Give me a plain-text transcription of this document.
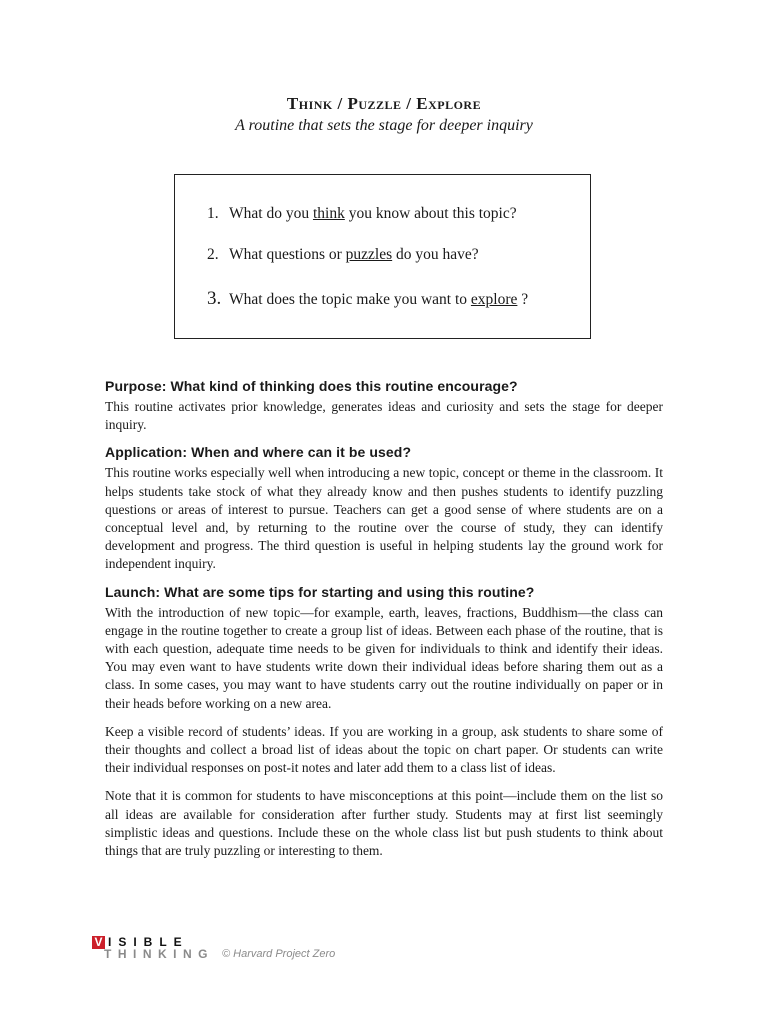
Think / Puzzle / Explore

A routine that sets the stage for deeper inquiry

1. What do you think you know about this topic?
2. What questions or puzzles do you have?
3. What does the topic make you want to explore ?
Purpose: What kind of thinking does this routine encourage?

This routine activates prior knowledge, generates ideas and curiosity and sets the stage for deeper inquiry.

Application: When and where can it be used?

This routine works especially well when introducing a new topic, concept or theme in the classroom. It helps students take stock of what they already know and then pushes students to identify puzzling questions or areas of interest to pursue. Teachers can get a good sense of where students are on a conceptual level and, by returning to the routine over the course of study, they can identify development and progress. The third question is useful in helping students lay the ground work for independent inquiry.

Launch: What are some tips for starting and using this routine?

With the introduction of new topic—for example, earth, leaves, fractions, Buddhism—the class can engage in the routine together to create a group list of ideas. Between each phase of the routine, that is with each question, adequate time needs to be given for individuals to think and identify their ideas. You may even want to have students write down their individual ideas before sharing them out as a class. In some cases, you may want to have students carry out the routine individually on paper or in their heads before working on a new area.

Keep a visible record of students’ ideas. If you are working in a group, ask students to share some of their thoughts and collect a broad list of ideas about the topic on chart paper. Or students can write their individual responses on post-it notes and later add them to a class list of ideas.

Note that it is common for students to have misconceptions at this point—include them on the list so all ideas are available for consideration after further study. Students may at first list seemingly simplistic ideas and questions. Include these on the whole class list but push students to think about things that are truly puzzling or interesting to them.

V ISIBLE
THINKING © Harvard Project Zero
